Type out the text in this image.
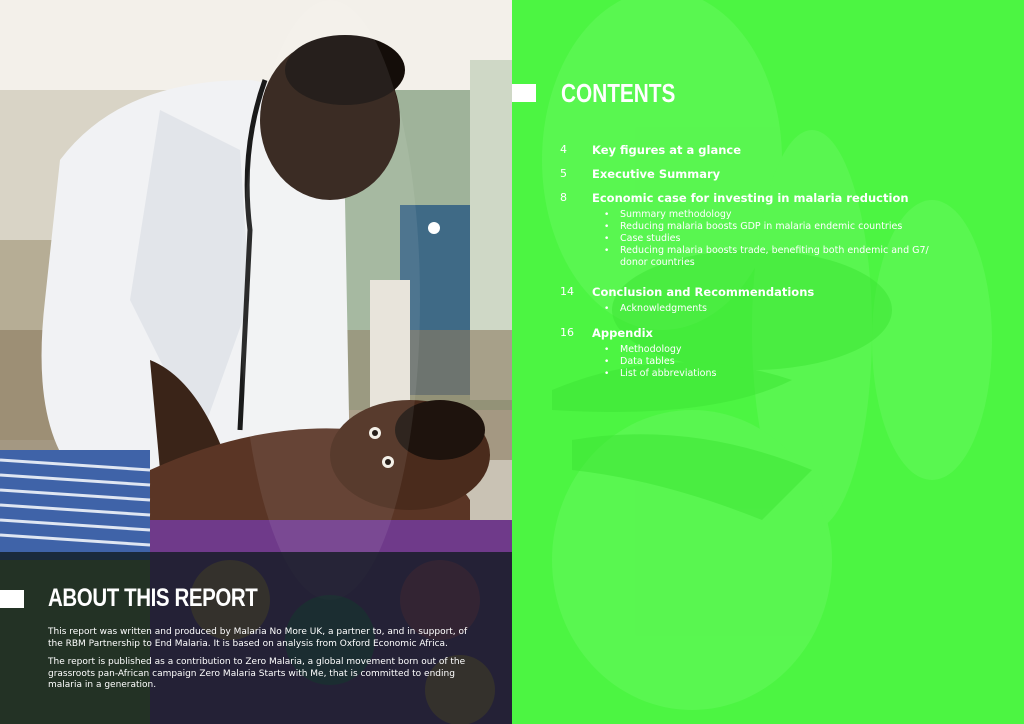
ABOUT THIS REPORT

This report was written and produced by Malaria No More UK, a partner to, and in support, of the RBM Partnership to End Malaria. It is based on analysis from Oxford Economic Africa.

The report is published as a contribution to Zero Malaria, a global movement born out of the grassroots pan-African campaign Zero Malaria Starts with Me, that is committed to ending malaria in a generation.

CONTENTS
4 Key figures at a glance
5 Executive Summary
8 Economic case for investing in malaria reduction
• Summary methodology
• Reducing malaria boosts GDP in malaria endemic countries
• Case studies
• Reducing malaria boosts trade, benefiting both endemic and G7/ donor countries
14 Conclusion and Recommendations
• Acknowledgments
16 Appendix
• Methodology
• Data tables
• List of abbreviations
